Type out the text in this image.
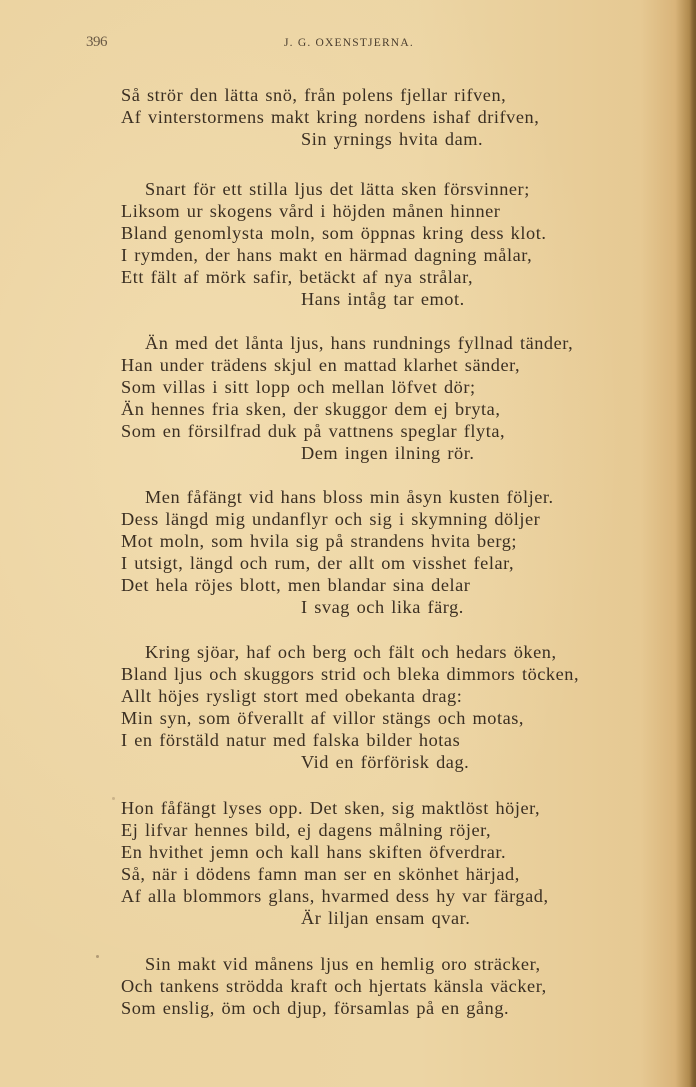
396	J. G. OXENSTJERNA.
Så strör den lätta snö, från polens fjellar rifven,
Af vinterstormens makt kring nordens ishaf drifven,
Sin yrnings hvita dam.
Snart för ett stilla ljus det lätta sken försvinner;
Liksom ur skogens vård i höjden månen hinner
Bland genomlysta moln, som öppnas kring dess klot.
I rymden, der hans makt en härmad dagning målar,
Ett fält af mörk safir, betäckt af nya strålar,
Hans intåg tar emot.
Än med det lånta ljus, hans rundnings fyllnad tänder,
Han under trädens skjul en mattad klarhet sänder,
Som villas i sitt lopp och mellan löfvet dör;
Än hennes fria sken, der skuggor dem ej bryta,
Som en försilfrad duk på vattnens speglar flyta,
Dem ingen ilning rör.
Men fåfängt vid hans bloss min åsyn kusten följer.
Dess längd mig undanflyr och sig i skymning döljer
Mot moln, som hvila sig på strandens hvita berg;
I utsigt, längd och rum, der allt om visshet felar,
Det hela röjes blott, men blandar sina delar
I svag och lika färg.
Kring sjöar, haf och berg och fält och hedars öken,
Bland ljus och skuggors strid och bleka dimmors töcken,
Allt höjes rysligt stort med obekanta drag:
Min syn, som öfverallt af villor stängs och motas,
I en förstäld natur med falska bilder hotas
Vid en förförisk dag.
Hon fåfängt lyses opp. Det sken, sig maktlöst höjer,
Ej lifvar hennes bild, ej dagens målning röjer,
En hvithet jemn och kall hans skiften öfverdrar.
Så, när i dödens famn man ser en skönhet härjad,
Af alla blommors glans, hvarmed dess hy var färgad,
Är liljan ensam qvar.
Sin makt vid månens ljus en hemlig oro sträcker,
Och tankens strödda kraft och hjertats känsla väcker,
Som enslig, öm och djup, församlas på en gång.
